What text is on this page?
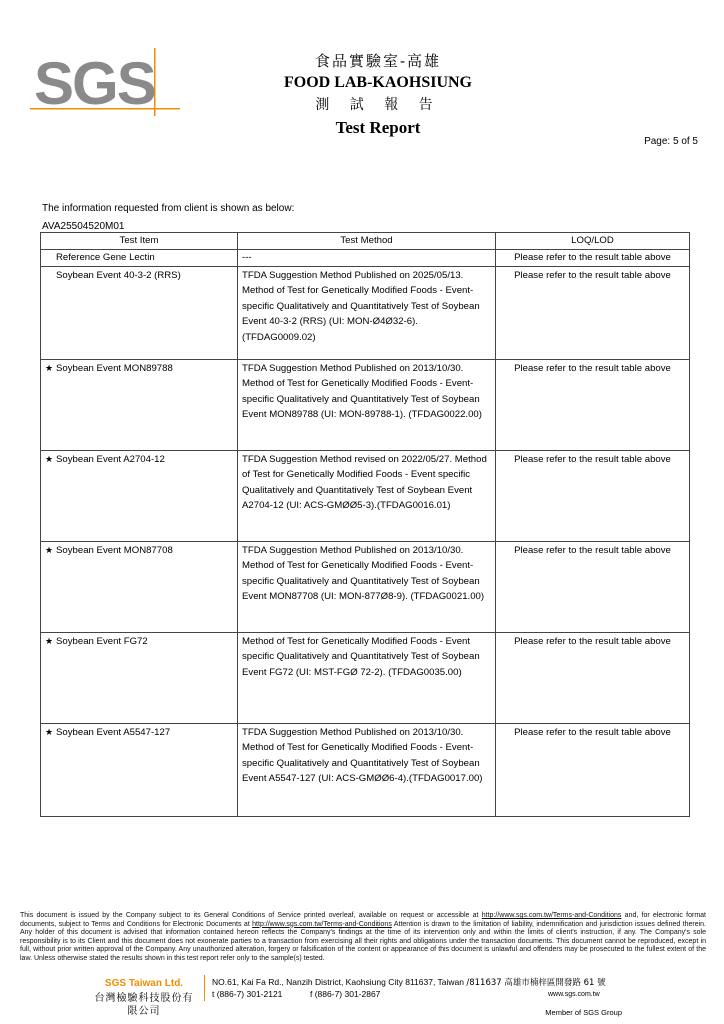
SGS	食品實驗室-高雄
FOOD LAB-KAOHSIUNG
測 試 報 告
Test Report
Page: 5 of 5
The information requested from client is shown as below:
AVA25504520M01
Test Item	Test Method	LOQ/LOD
Reference Gene Lectin	---	Please refer to the result table above
Soybean Event 40-3-2 (RRS)	TFDA Suggestion Method Published on 2025/05/13. Method of Test for Genetically Modified Foods - Event-specific Qualitatively and Quantitatively Test of Soybean Event 40-3-2 (RRS) (UI: MON-Ø4Ø32-6).(TFDAG0009.02)	Please refer to the result table above
★ Soybean Event MON89788	TFDA Suggestion Method Published on 2013/10/30. Method of Test for Genetically Modified Foods - Event-specific Qualitatively and Quantitatively Test of Soybean Event MON89788 (UI: MON-89788-1). (TFDAG0022.00)	Please refer to the result table above
★ Soybean Event A2704-12	TFDA Suggestion Method revised on 2022/05/27. Method of Test for Genetically Modified Foods - Event specific Qualitatively and Quantitatively Test of Soybean Event A2704-12 (UI: ACS-GMØØ5-3).(TFDAG0016.01)	Please refer to the result table above
★ Soybean Event MON87708	TFDA Suggestion Method Published on 2013/10/30. Method of Test for Genetically Modified Foods - Event-specific Qualitatively and Quantitatively Test of Soybean Event MON87708 (UI: MON-877Ø8-9). (TFDAG0021.00)	Please refer to the result table above
★ Soybean Event FG72	Method of Test for Genetically Modified Foods - Event specific Qualitatively and Quantitatively Test of Soybean Event FG72 (UI: MST-FGØ 72-2). (TFDAG0035.00)	Please refer to the result table above
★ Soybean Event A5547-127	TFDA Suggestion Method Published on 2013/10/30. Method of Test for Genetically Modified Foods - Event-specific Qualitatively and Quantitatively Test of Soybean Event A5547-127 (UI: ACS-GMØØ6-4).(TFDAG0017.00)	Please refer to the result table above
This document is issued by the Company subject to its General Conditions of Service printed overleaf, available on request or accessible at http://www.sgs.com.tw/Terms-and-Conditions and, for electronic format documents, subject to Terms and Conditions for Electronic Documents at http://www.sgs.com.tw/Terms-and-Conditions Attention is drawn to the limitation of liability, indemnification and jurisdiction issues defined therein. Any holder of this document is advised that information contained hereon reflects the Company's findings at the time of its intervention only and within the limits of client's instruction, if any. The Company's sole responsibility is to its Client and this document does not exonerate parties to a transaction from exercising all their rights and obligations under the transaction documents. This document cannot be reproduced, except in full, without prior written approval of the Company. Any unauthorized alteration, forgery or falsification of the content or appearance of this document is unlawful and offenders may be prosecuted to the fullest extent of the law. Unless otherwise stated the results shown in this test report refer only to the sample(s) tested.
SGS Taiwan Ltd.
台灣檢驗科技股份有限公司
NO.61, Kai Fa Rd., Nanzih District, Kaohsiung City 811637, Taiwan /811637 高雄市楠梓區開發路 61 號
t (886-7) 301-2121	f (886-7) 301-2867	www.sgs.com.tw
Member of SGS Group
